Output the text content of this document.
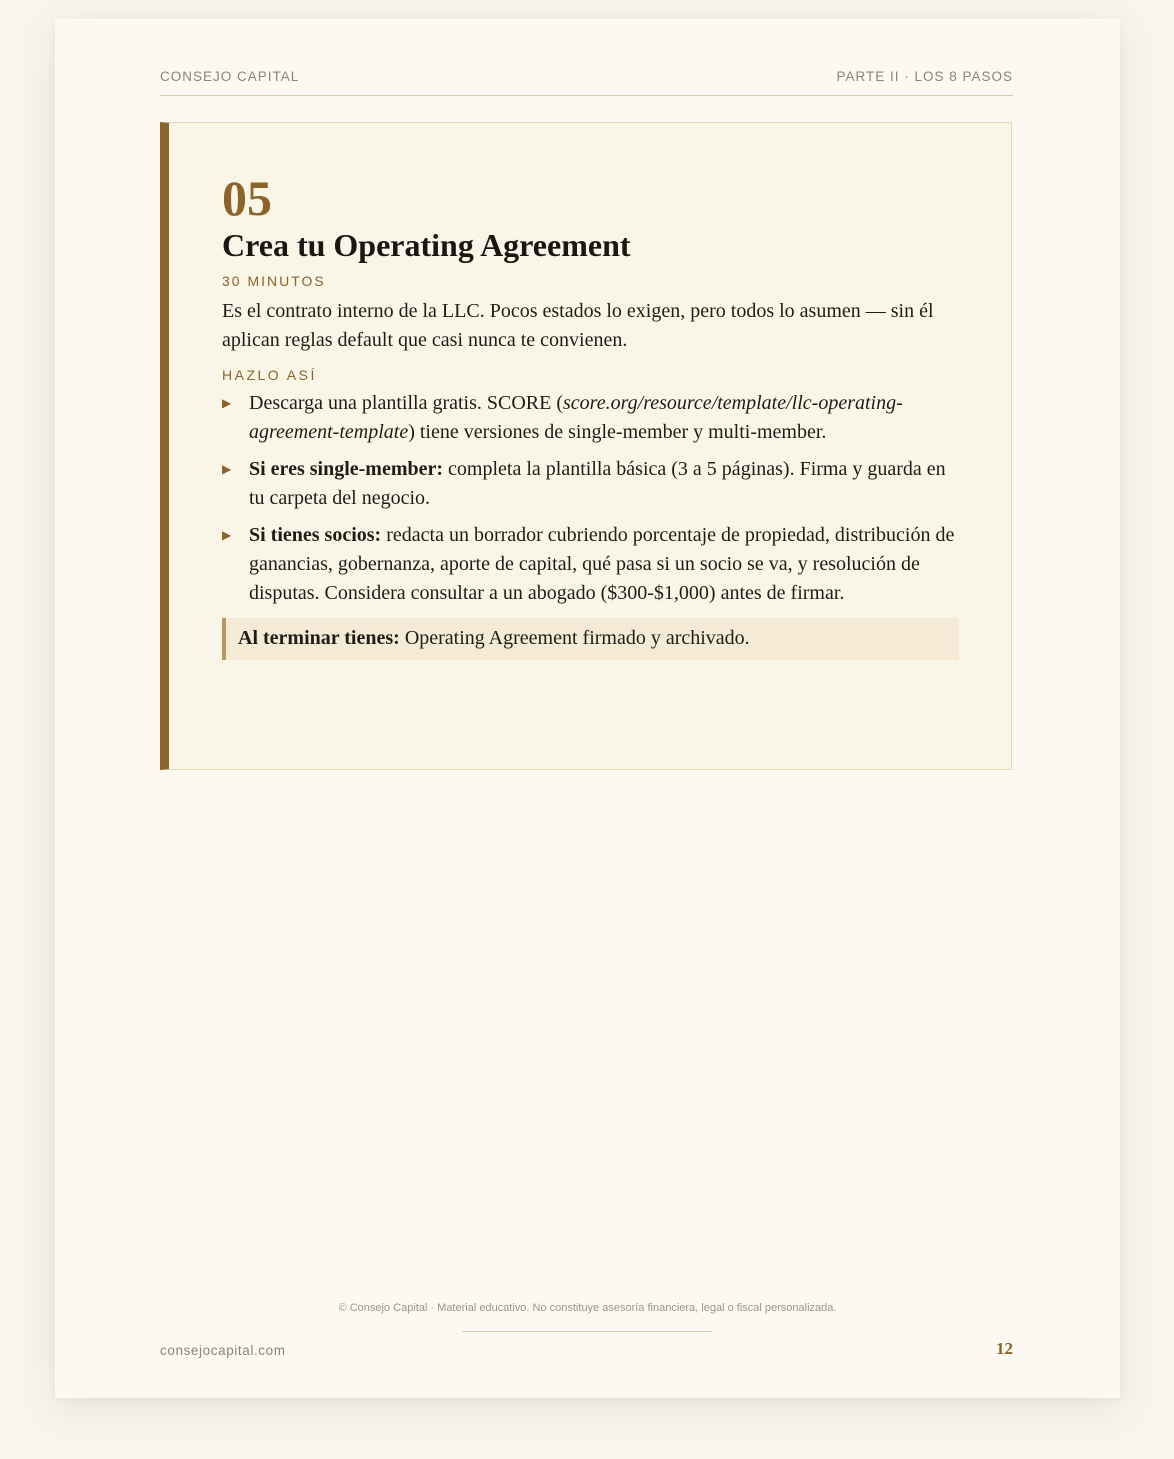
CONSEJO CAPITAL	PARTE II · LOS 8 PASOS
05
Crea tu Operating Agreement
30 MINUTOS

Es el contrato interno de la LLC. Pocos estados lo exigen, pero todos lo asumen — sin él aplican reglas default que casi nunca te convienen.

HAZLO ASÍ
▶ Descarga una plantilla gratis. SCORE (score.org/resource/template/llc-operating-agreement-template) tiene versiones de single-member y multi-member.
▶ Si eres single-member: completa la plantilla básica (3 a 5 páginas). Firma y guarda en tu carpeta del negocio.
▶ Si tienes socios: redacta un borrador cubriendo porcentaje de propiedad, distribución de ganancias, gobernanza, aporte de capital, qué pasa si un socio se va, y resolución de disputas. Considera consultar a un abogado ($300-$1,000) antes de firmar.
Al terminar tienes: Operating Agreement firmado y archivado.
© Consejo Capital · Material educativo. No constituye asesoría financiera, legal o fiscal personalizada.
consejocapital.com	12
